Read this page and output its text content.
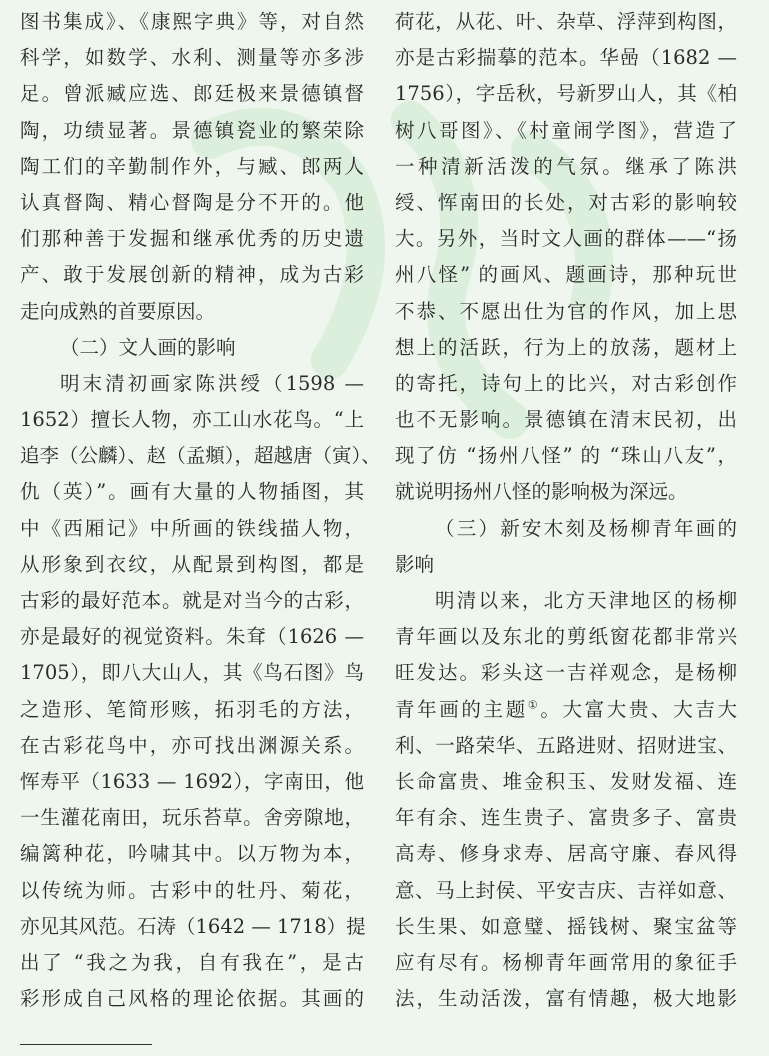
图书集成》、《康熙字典》等，对自然
科学，如数学、水利、测量等亦多涉
足。曾派臧应选、郎廷极来景德镇督
陶，功绩显著。景德镇瓷业的繁荣除
陶工们的辛勤制作外，与臧、郎两人
认真督陶、精心督陶是分不开的。他
们那种善于发掘和继承优秀的历史遗
产、敢于发展创新的精神，成为古彩
走向成熟的首要原因。
（二）文人画的影响
明末清初画家陈洪绶（1598 —
1652）擅长人物，亦工山水花鸟。“上
追李（公麟）、赵（孟頫），超越唐（寅）、
仇（英）”。画有大量的人物插图，其
中《西厢记》中所画的铁线描人物，
从形象到衣纹，从配景到构图，都是
古彩的最好范本。就是对当今的古彩，
亦是最好的视觉资料。朱耷（1626 —
1705），即八大山人，其《鸟石图》鸟
之造形、笔简形赅，拓羽毛的方法，
在古彩花鸟中，亦可找出渊源关系。
恽寿平（1633 — 1692），字南田，他
一生灌花南田，玩乐苔草。舍旁隙地，
编篱种花，吟啸其中。以万物为本，
以传统为师。古彩中的牡丹、菊花，
亦见其风范。石涛（1642 — 1718）提
出了 “我之为我，自有我在”，是古
彩形成自己风格的理论依据。其画的
荷花，从花、叶、杂草、浮萍到构图，
亦是古彩揣摹的范本。华喦（1682 —
1756），字岳秋，号新罗山人，其《柏
树八哥图》、《村童闹学图》，营造了
一种清新活泼的气氛。继承了陈洪
绶、恽南田的长处，对古彩的影响较
大。另外，当时文人画的群体——“扬
州八怪” 的画风、题画诗，那种玩世
不恭、不愿出仕为官的作风，加上思
想上的活跃，行为上的放荡，题材上
的寄托，诗句上的比兴，对古彩创作
也不无影响。景德镇在清末民初，出
现了仿 “扬州八怪” 的 “珠山八友”，
就说明扬州八怪的影响极为深远。
（三）新安木刻及杨柳青年画的
影响
明清以来，北方天津地区的杨柳
青年画以及东北的剪纸窗花都非常兴
旺发达。彩头这一吉祥观念，是杨柳
青年画的主题①。大富大贵、大吉大
利、一路荣华、五路进财、招财进宝、
长命富贵、堆金积玉、发财发福、连
年有余、连生贵子、富贵多子、富贵
高寿、修身求寿、居高守廉、春风得
意、马上封侯、平安吉庆、吉祥如意、
长生果、如意璧、摇钱树、聚宝盆等
应有尽有。杨柳青年画常用的象征手
法，生动活泼，富有情趣，极大地影
